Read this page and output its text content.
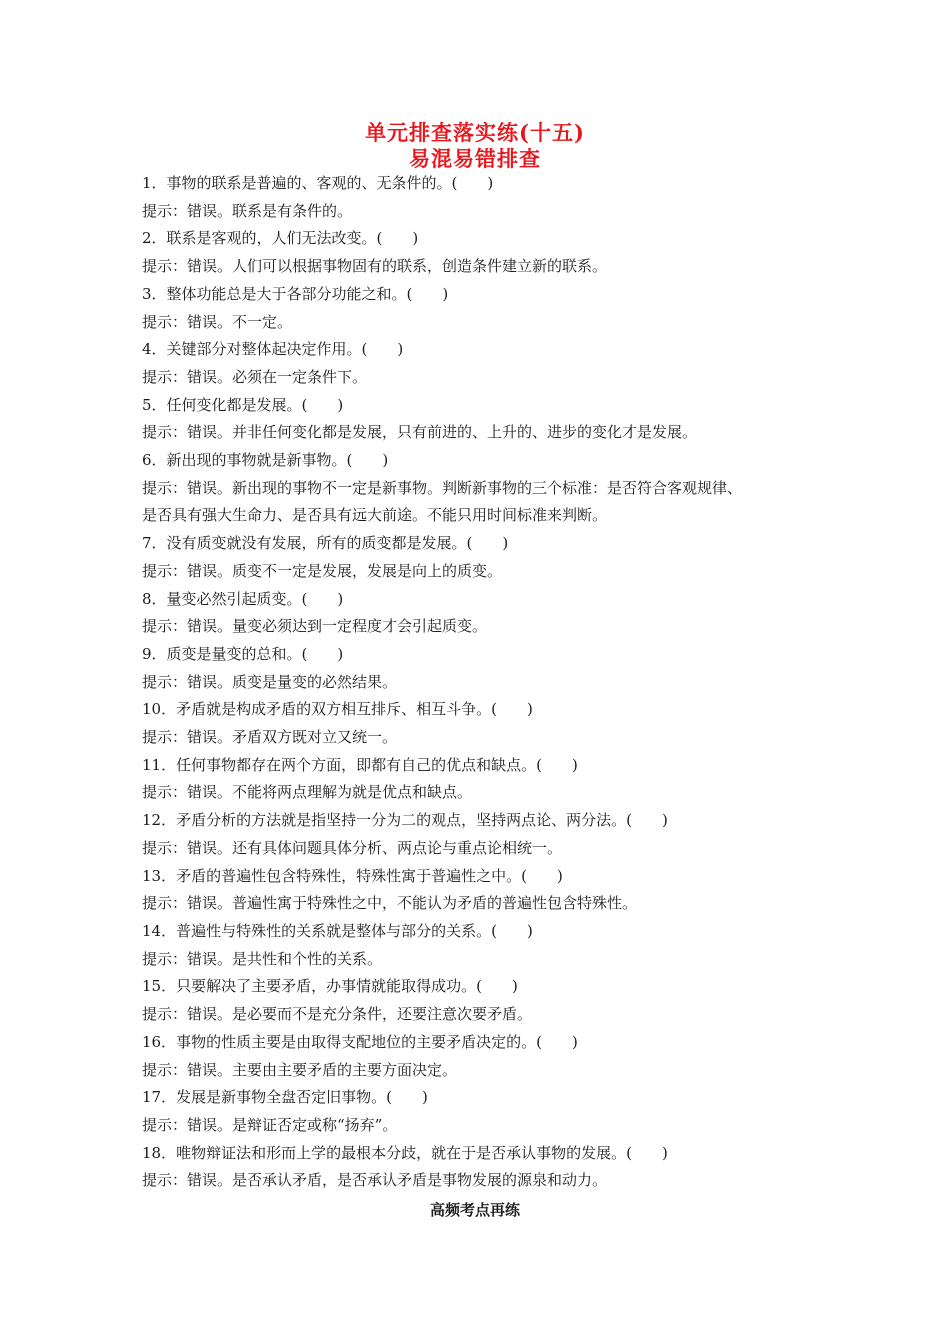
单元排查落实练(十五)
易混易错排查
1．事物的联系是普遍的、客观的、无条件的。(　　)
提示：错误。联系是有条件的。
2．联系是客观的，人们无法改变。(　　)
提示：错误。人们可以根据事物固有的联系，创造条件建立新的联系。
3．整体功能总是大于各部分功能之和。(　　)
提示：错误。不一定。
4．关键部分对整体起决定作用。(　　)
提示：错误。必须在一定条件下。
5．任何变化都是发展。(　　)
提示：错误。并非任何变化都是发展，只有前进的、上升的、进步的变化才是发展。
6．新出现的事物就是新事物。(　　)
提示：错误。新出现的事物不一定是新事物。判断新事物的三个标准：是否符合客观规律、
是否具有强大生命力、是否具有远大前途。不能只用时间标准来判断。
7．没有质变就没有发展，所有的质变都是发展。(　　)
提示：错误。质变不一定是发展，发展是向上的质变。
8．量变必然引起质变。(　　)
提示：错误。量变必须达到一定程度才会引起质变。
9．质变是量变的总和。(　　)
提示：错误。质变是量变的必然结果。
10．矛盾就是构成矛盾的双方相互排斥、相互斗争。(　　)
提示：错误。矛盾双方既对立又统一。
11．任何事物都存在两个方面，即都有自己的优点和缺点。(　　)
提示：错误。不能将两点理解为就是优点和缺点。
12．矛盾分析的方法就是指坚持一分为二的观点，坚持两点论、两分法。(　　)
提示：错误。还有具体问题具体分析、两点论与重点论相统一。
13．矛盾的普遍性包含特殊性，特殊性寓于普遍性之中。(　　)
提示：错误。普遍性寓于特殊性之中，不能认为矛盾的普遍性包含特殊性。
14．普遍性与特殊性的关系就是整体与部分的关系。(　　)
提示：错误。是共性和个性的关系。
15．只要解决了主要矛盾，办事情就能取得成功。(　　)
提示：错误。是必要而不是充分条件，还要注意次要矛盾。
16．事物的性质主要是由取得支配地位的主要矛盾决定的。(　　)
提示：错误。主要由主要矛盾的主要方面决定。
17．发展是新事物全盘否定旧事物。(　　)
提示：错误。是辩证否定或称“扬弃”。
18．唯物辩证法和形而上学的最根本分歧，就在于是否承认事物的发展。(　　)
提示：错误。是否承认矛盾，是否承认矛盾是事物发展的源泉和动力。
高频考点再练
